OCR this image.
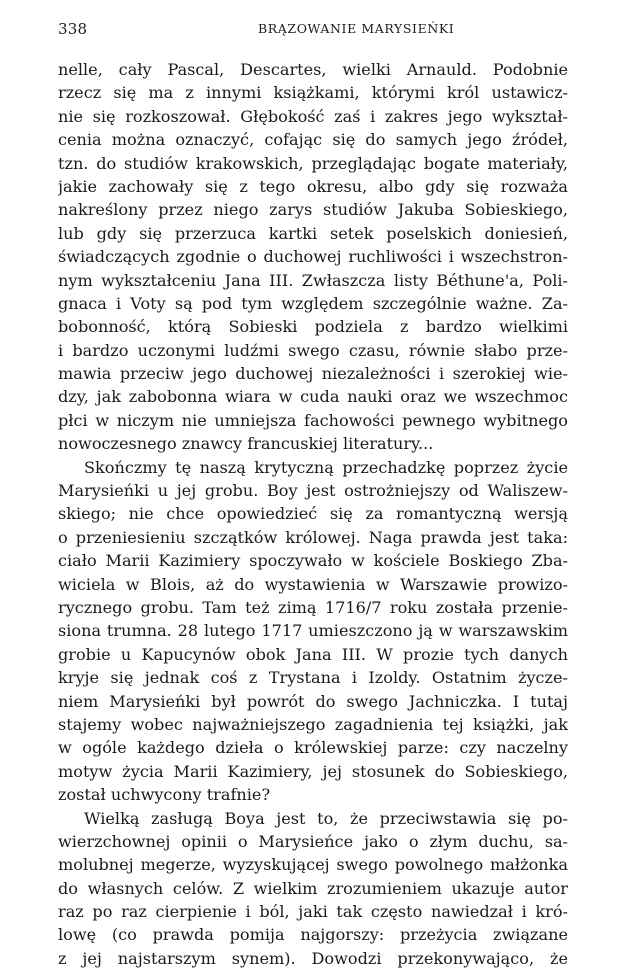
338	BRĄZOWANIE MARYSIEŃKI
nelle, cały Pascal, Descartes, wielki Arnauld. Podobnie
rzecz się ma z innymi książkami, którymi król ustawicz-
nie się rozkoszował. Głębokość zaś i zakres jego wykształ-
cenia można oznaczyć, cofając się do samych jego źródeł,
tzn. do studiów krakowskich, przeglądając bogate materiały,
jakie zachowały się z tego okresu, albo gdy się rozważa
nakreślony przez niego zarys studiów Jakuba Sobieskiego,
lub gdy się przerzuca kartki setek poselskich doniesień,
świadczących zgodnie o duchowej ruchliwości i wszechstron-
nym wykształceniu Jana III. Zwłaszcza listy Béthune'a, Poli-
gnaca i Voty są pod tym względem szczególnie ważne. Za-
bobonność, którą Sobieski podziela z bardzo wielkimi
i bardzo uczonymi ludźmi swego czasu, równie słabo prze-
mawia przeciw jego duchowej niezależności i szerokiej wie-
dzy, jak zabobonna wiara w cuda nauki oraz we wszechmoc
płci w niczym nie umniejsza fachowości pewnego wybitnego
nowoczesnego znawcy francuskiej literatury...
Skończmy tę naszą krytyczną przechadzkę poprzez życie
Marysieńki u jej grobu. Boy jest ostrożniejszy od Waliszew-
skiego; nie chce opowiedzieć się za romantyczną wersją
o przeniesieniu szczątków królowej. Naga prawda jest taka:
ciało Marii Kazimiery spoczywało w kościele Boskiego Zba-
wiciela w Blois, aż do wystawienia w Warszawie prowizo-
rycznego grobu. Tam też zimą 1716/7 roku została przenie-
siona trumna. 28 lutego 1717 umieszczono ją w warszawskim
grobie u Kapucynów obok Jana III. W prozie tych danych
kryje się jednak coś z Trystana i Izoldy. Ostatnim życze-
niem Marysieńki był powrót do swego Jachniczka. I tutaj
stajemy wobec najważniejszego zagadnienia tej książki, jak
w ogóle każdego dzieła o królewskiej parze: czy naczelny
motyw życia Marii Kazimiery, jej stosunek do Sobieskiego,
został uchwycony trafnie?
Wielką zasługą Boya jest to, że przeciwstawia się po-
wierzchownej opinii o Marysieńce jako o złym duchu, sa-
molubnej megerze, wyzyskującej swego powolnego małżonka
do własnych celów. Z wielkim zrozumieniem ukazuje autor
raz po raz cierpienie i ból, jaki tak często nawiedzał i kró-
lowę (co prawda pomija najgorszy: przeżycia związane
z jej najstarszym synem). Dowodzi przekonywająco, że
